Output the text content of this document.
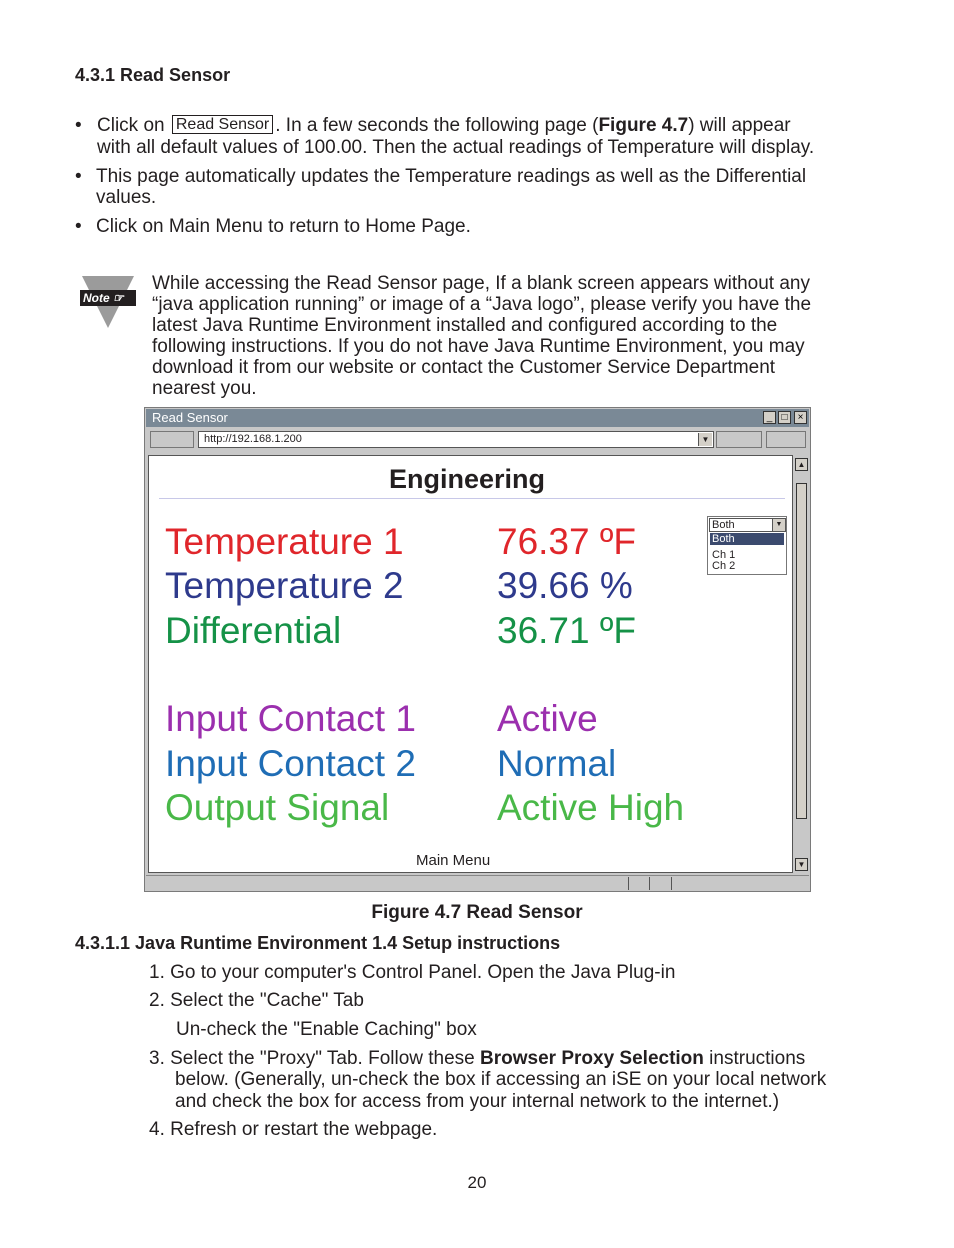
4.3.1 Read Sensor
• Click on Read Sensor . In a few seconds the following page (Figure 4.7) will appear
with all default values of 100.00. Then the actual readings of Temperature will display.
• This page automatically updates the Temperature readings as well as the Differential
values.
• Click on Main Menu to return to Home Page.
Note ☞
While accessing the Read Sensor page, If a blank screen appears without any
“java application running” or image of a “Java logo”, please verify you have the
latest Java Runtime Environment installed and configured according to the
following instructions. If you do not have Java Runtime Environment, you may
download it from our website or contact the Customer Service Department
nearest you.
Read Sensor	_ □	×
http://192.168.1.200	▼
Engineering
Temperature 1	76.37 ºF
Temperature 2	39.66 %
Differential	36.71 ºF
Input Contact 1 Active
Input Contact 2 Normal
Output Signal	Active High
Both	▼
Both
Ch 1
Ch 2
Main Menu
▲
▼
Figure 4.7 Read Sensor
4.3.1.1 Java Runtime Environment 1.4 Setup instructions
1. Go to your computer's Control Panel. Open the Java Plug-in
2. Select the "Cache" Tab
Un-check the "Enable Caching" box
3. Select the "Proxy" Tab. Follow these Browser Proxy Selection instructions
below. (Generally, un-check the box if accessing an iSE on your local network
and check the box for access from your internal network to the internet.)
4. Refresh or restart the webpage.
20
